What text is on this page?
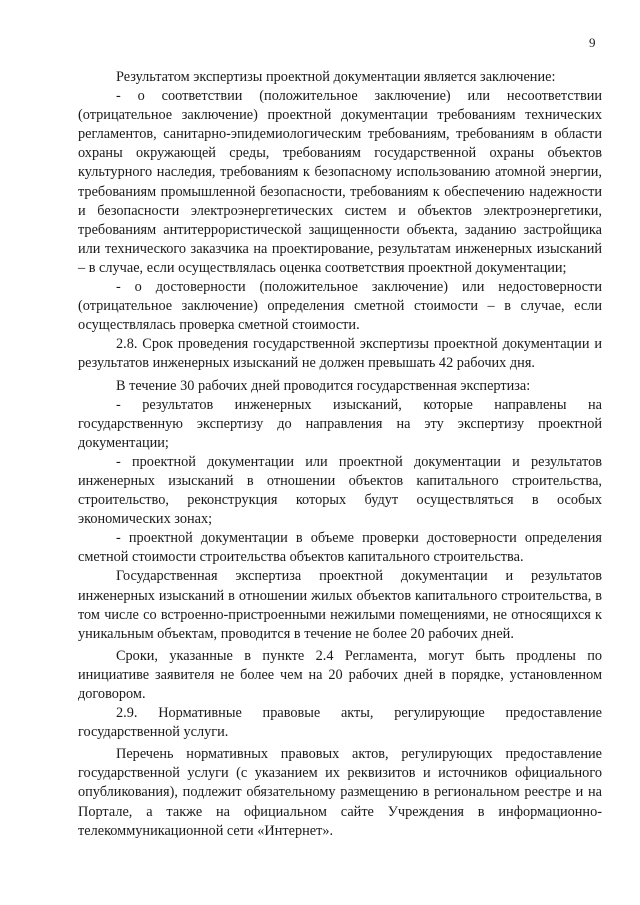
9

Результатом экспертизы проектной документации является заключение:

- о соответствии (положительное заключение) или несоответствии (отрицательное заключение) проектной документации требованиям технических регламентов, санитарно-эпидемиологическим требованиям, требованиям в области охраны окружающей среды, требованиям государственной охраны объектов культурного наследия, требованиям к безопасному использованию атомной энергии, требованиям промышленной безопасности, требованиям к обеспечению надежности и безопасности электроэнергетических систем и объектов электроэнергетики, требованиям антитеррористической защищенности объекта, заданию застройщика или технического заказчика на проектирование, результатам инженерных изысканий – в случае, если осуществлялась оценка соответствия проектной документации;

- о достоверности (положительное заключение) или недостоверности (отрицательное заключение) определения сметной стоимости – в случае, если осуществлялась проверка сметной стоимости.

2.8. Срок проведения государственной экспертизы проектной документации и результатов инженерных изысканий не должен превышать 42 рабочих дня.

В течение 30 рабочих дней проводится государственная экспертиза:

- результатов инженерных изысканий, которые направлены на государственную экспертизу до направления на эту экспертизу проектной документации;

- проектной документации или проектной документации и результатов инженерных изысканий в отношении объектов капитального строительства, строительство, реконструкция которых будут осуществляться в особых экономических зонах;

- проектной документации в объеме проверки достоверности определения сметной стоимости строительства объектов капитального строительства.

Государственная экспертиза проектной документации и результатов инженерных изысканий в отношении жилых объектов капитального строительства, в том числе со встроенно-пристроенными нежилыми помещениями, не относящихся к уникальным объектам, проводится в течение не более 20 рабочих дней.

Сроки, указанные в пункте 2.4 Регламента, могут быть продлены по инициативе заявителя не более чем на 20 рабочих дней в порядке, установленном договором.

2.9. Нормативные правовые акты, регулирующие предоставление государственной услуги.

Перечень нормативных правовых актов, регулирующих предоставление государственной услуги (с указанием их реквизитов и источников официального опубликования), подлежит обязательному размещению в региональном реестре и на Портале, а также на официальном сайте Учреждения в информационно-телекоммуникационной сети «Интернет».
